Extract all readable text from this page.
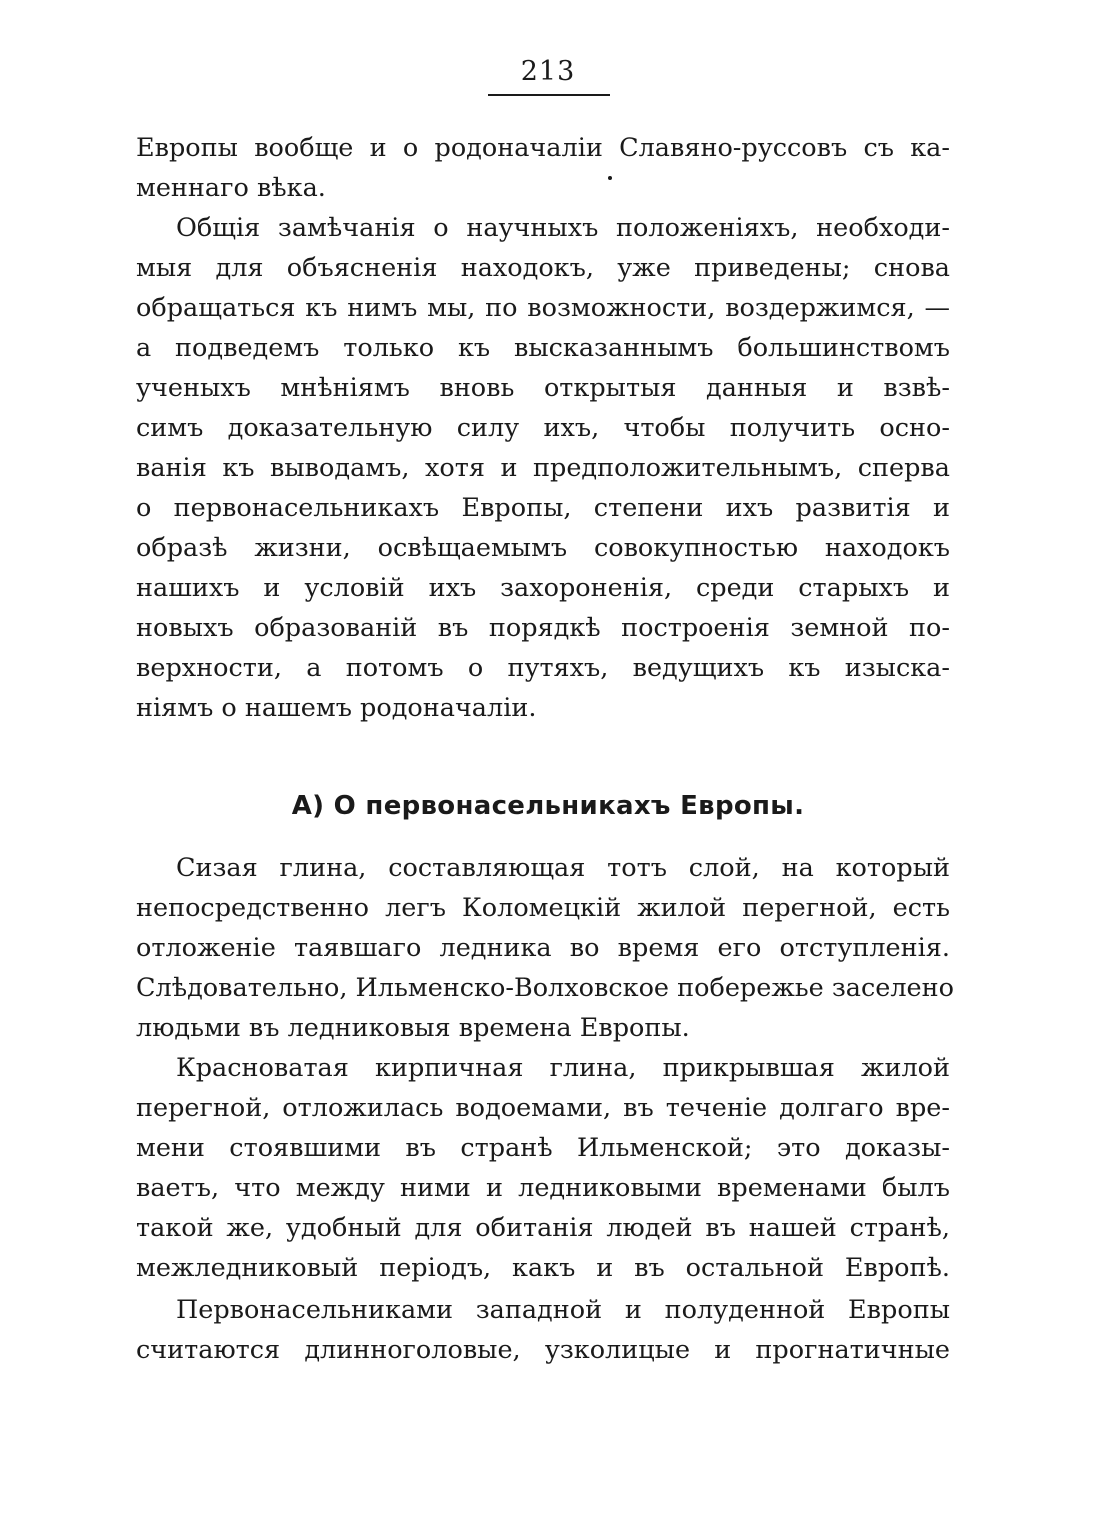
213
Европы вообще и о родоначалiи Славяно-руссовъ съ ка-
меннаго вѣка.
Общiя замѣчанiя о научныхъ положенiяхъ, необходи-
мыя для объясненiя находокъ, уже приведены; снова
обращаться къ нимъ мы, по возможности, воздержимся, —
а подведемъ только къ высказаннымъ большинствомъ
ученыхъ мнѣнiямъ вновь открытыя данныя и взвѣ-
симъ доказательную силу ихъ, чтобы получить осно-
ванiя къ выводамъ, хотя и предположительнымъ, сперва
о первонасельникахъ Европы, степени ихъ развитiя и
образѣ жизни, освѣщаемымъ совокупностью находокъ
нашихъ и условiй ихъ захороненiя, среди старыхъ и
новыхъ образованiй въ порядкѣ построенiя земной по-
верхности, а потомъ о путяхъ, ведущихъ къ изыска-
нiямъ о нашемъ родоначалiи.
А) О первонасельникахъ Европы.
Сизая глина, составляющая тотъ слой, на который
непосредственно легъ Коломецкiй жилой перегной, есть
отложенiе таявшаго ледника во время его отступленiя.
Слѣдовательно, Ильменско-Волховское побережье заселено
людьми въ ледниковыя времена Европы.
Красноватая кирпичная глина, прикрывшая жилой
перегной, отложилась водоемами, въ теченiе долгаго вре-
мени стоявшими въ странѣ Ильменской; это доказы-
ваетъ, что между ними и ледниковыми временами былъ
такой же, удобный для обитанiя людей въ нашей странѣ,
межледниковый перiодъ, какъ и въ остальной Европѣ.
Первонасельниками западной и полуденной Европы
считаются длинноголовые, узколицые и прогнатичные
